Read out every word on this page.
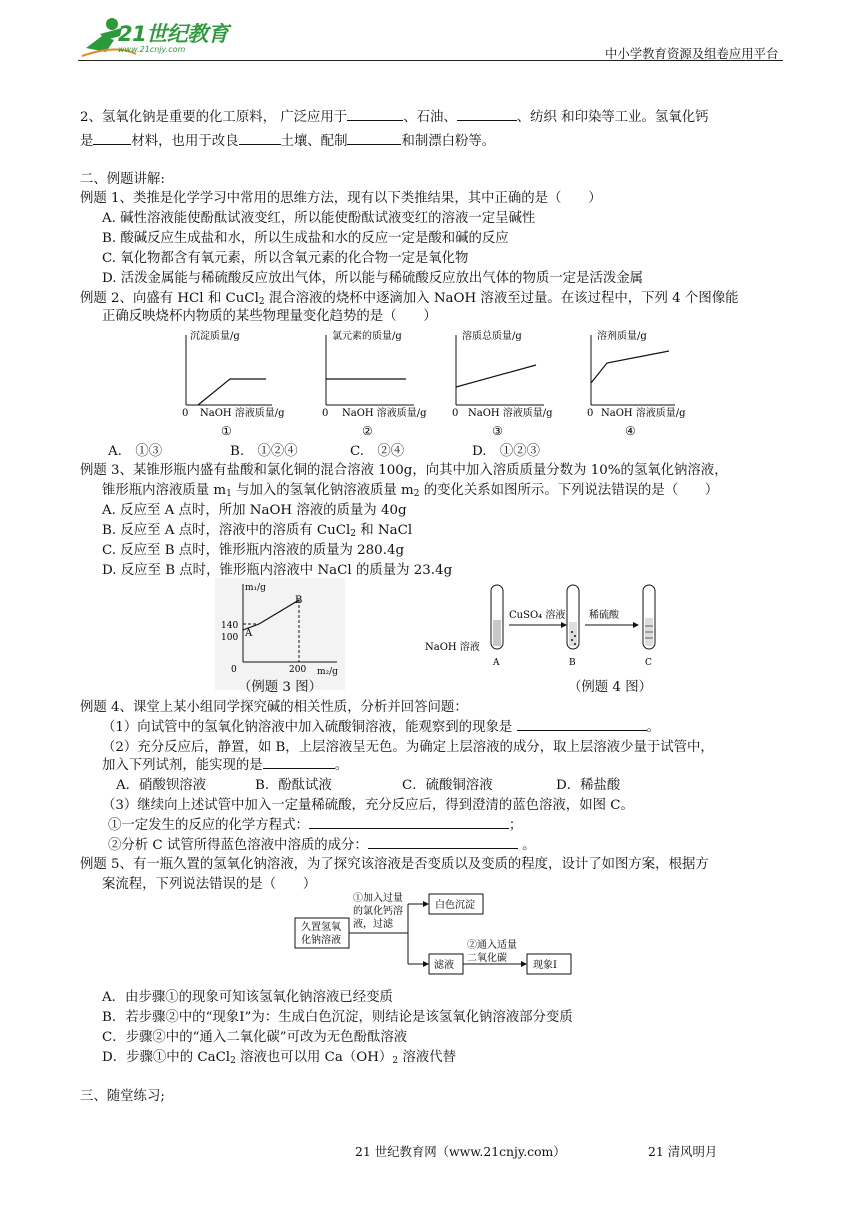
21世纪教育
www.21cnjy.com	中小学教育资源及组卷应用平台
2、氢氧化钠是重要的化工原料， 广泛应用于	、石油、	、纺织 和印染等工业。氢氧化钙
是	材料，也用于改良	土壤、配制	和制漂白粉等。
二、例题讲解:
例题 1、类推是化学学习中常用的思维方法，现有以下类推结果，其中正确的是（　　）
A. 碱性溶液能使酚酞试液变红，所以能使酚酞试液变红的溶液一定呈碱性
B. 酸碱反应生成盐和水，所以生成盐和水的反应一定是酸和碱的反应
C. 氧化物都含有氧元素，所以含氧元素的化合物一定是氧化物
D. 活泼金属能与稀硫酸反应放出气体，所以能与稀硫酸反应放出气体的物质一定是活泼金属
例题 2、向盛有 HCl 和 CuCl$_2$ 混合溶液的烧杯中逐滴加入 NaOH 溶液至过量。在该过程中，下列 4 个图像能
正确反映烧杯内物质的某些物理量变化趋势的是（　　）
沉淀质量/g
0 NaOH 溶液质量/g
①
氯元素的质量/g
0 NaOH 溶液质量/g
②
溶质总质量/g
0 NaOH 溶液质量/g
③
溶剂质量/g
0 NaOH 溶液质量/g
④
A.　①③	B.　①②④	C.　②④	D.　①②③
例题 3、某锥形瓶内盛有盐酸和氯化铜的混合溶液 100g，向其中加入溶质质量分数为 10%的氢氧化钠溶液，
锥形瓶内溶液质量 $m_1$ 与加入的氢氧化钠溶液质量 $m_2$ 的变化关系如图所示。下列说法错误的是（　　）
A. 反应至 A 点时，所加 NaOH 溶液的质量为 40g
B. 反应至 A 点时，溶液中的溶质有 CuCl$_2$ 和 NaCl
C. 反应至 B 点时，锥形瓶内溶液的质量为 280.4g
D. 反应至 B 点时，锥形瓶内溶液中 NaCl 的质量为 23.4g
m₁/g
m₂/g
140
100
0	200
A
B
（例题 3 图）
A
NaOH 溶液
CuSO₄ 溶液
B
稀硫酸
C
（例题 4 图）
例题 4、课堂上某小组同学探究碱的相关性质，分析并回答问题：
（1）向试管中的氢氧化钠溶液中加入硫酸铜溶液，能观察到的现象是	。
（2）充分反应后，静置，如 B，上层溶液呈无色。为确定上层溶液的成分，取上层溶液少量于试管中，
加入下列试剂，能实现的是	。
A．硝酸钡溶液	B．酚酞试液	C．硫酸铜溶液	D．稀盐酸
（3）继续向上述试管中加入一定量稀硫酸，充分反应后，得到澄清的蓝色溶液，如图 C。
①一定发生的反应的化学方程式：	；
②分析 C 试管所得蓝色溶液中溶质的成分：	。
例题 5、有一瓶久置的氢氧化钠溶液，为了探究该溶液是否变质以及变质的程度，设计了如图方案，根据方
案流程，下列说法错误的是（　　）
久置氢氧
化钠溶液
①加入过量
的氯化钙溶
液，过滤
白色沉淀
滤液
②通入适量
二氧化碳
现象Ⅰ
A．由步骤①的现象可知该氢氧化钠溶液已经变质
B．若步骤②中的“现象Ⅰ”为：生成白色沉淀，则结论是该氢氧化钠溶液部分变质
C．步骤②中的“通入二氧化碳”可改为无色酚酞溶液
D．步骤①中的 CaCl$_2$ 溶液也可以用 $Ca(OH)_2$ 溶液代替
三、随堂练习;
21 世纪教育网（www.21cnjy.com）	21 清风明月
